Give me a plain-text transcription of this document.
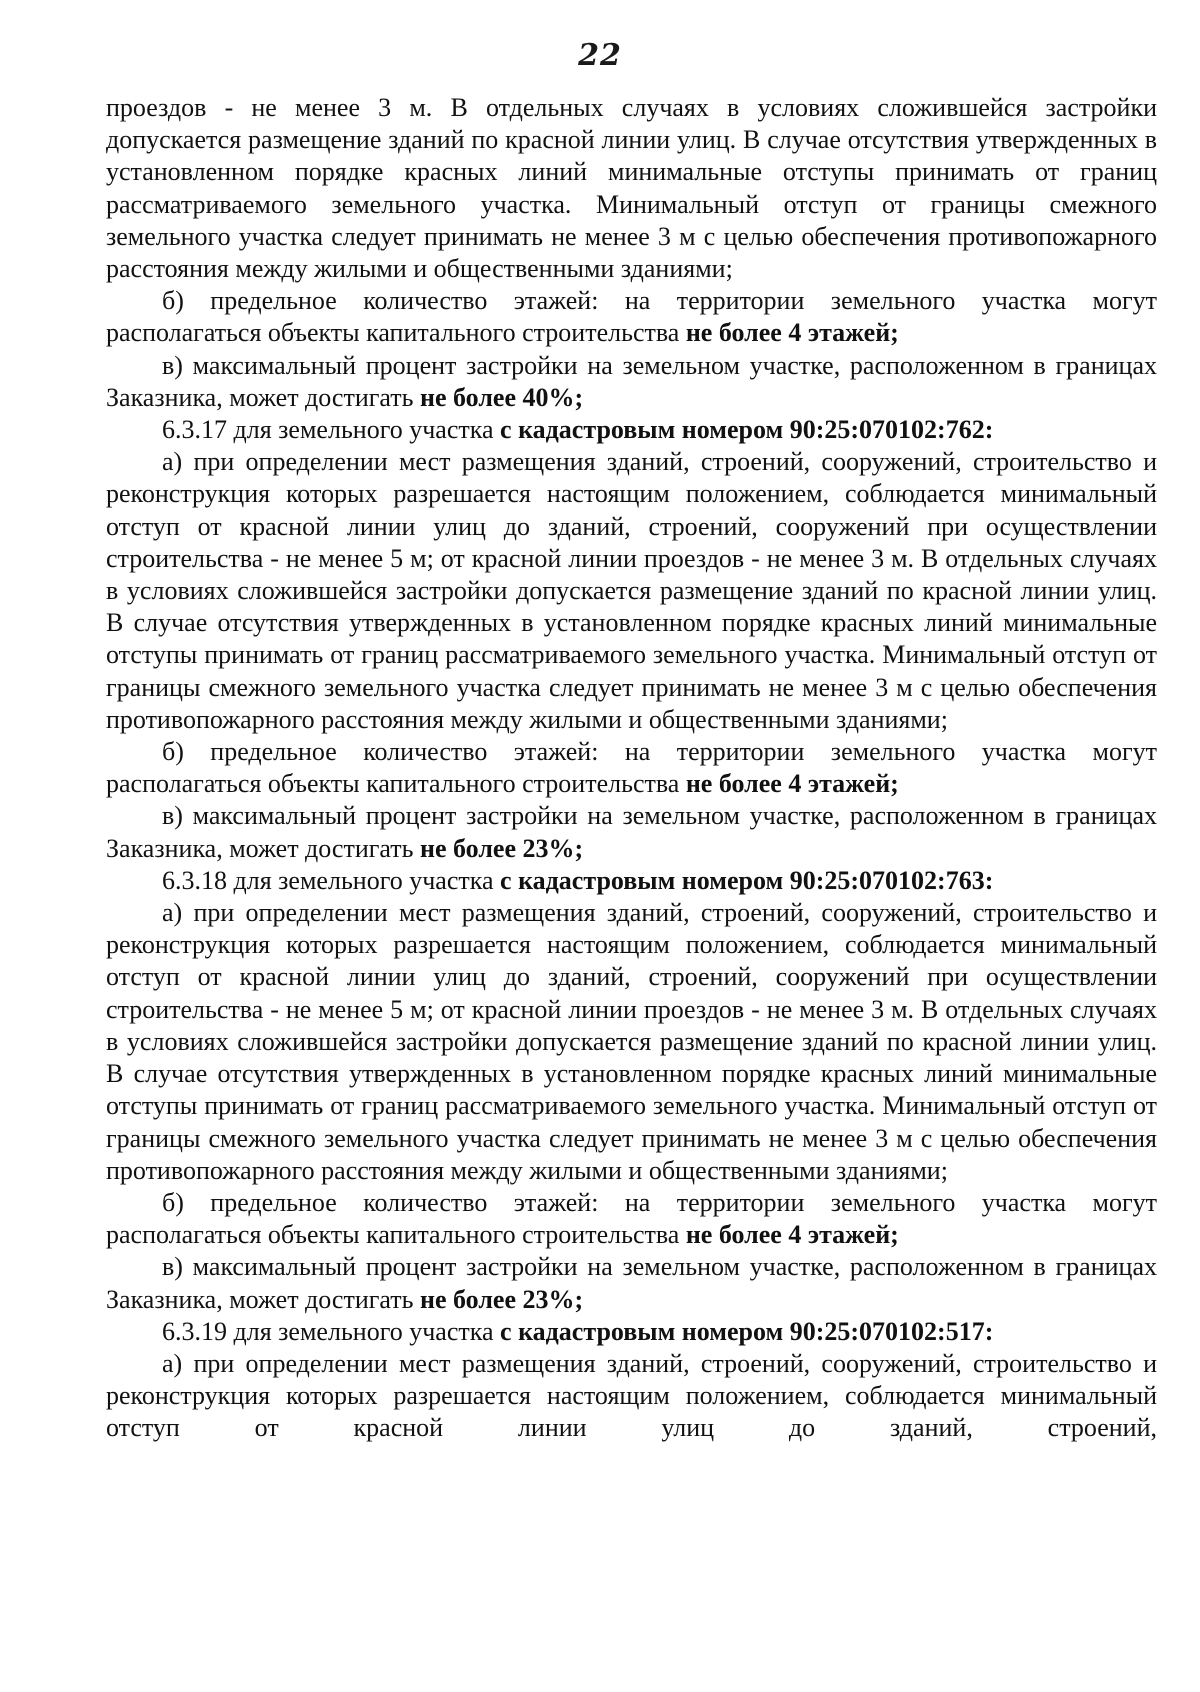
22

проездов - не менее 3 м. В отдельных случаях в условиях сложившейся застройки допускается размещение зданий по красной линии улиц. В случае отсутствия утвержденных в установленном порядке красных линий минимальные отступы принимать от границ рассматриваемого земельного участка. Минимальный отступ от границы смежного земельного участка следует принимать не менее 3 м с целью обеспечения противопожарного расстояния между жилыми и общественными зданиями;

б) предельное количество этажей: на территории земельного участка могут располагаться объекты капитального строительства не более 4 этажей;

в) максимальный процент застройки на земельном участке, расположенном в границах Заказника, может достигать не более 40%;

6.3.17 для земельного участка с кадастровым номером 90:25:070102:762:

а) при определении мест размещения зданий, строений, сооружений, строительство и реконструкция которых разрешается настоящим положением, соблюдается минимальный отступ от красной линии улиц до зданий, строений, сооружений при осуществлении строительства - не менее 5 м; от красной линии проездов - не менее 3 м. В отдельных случаях в условиях сложившейся застройки допускается размещение зданий по красной линии улиц. В случае отсутствия утвержденных в установленном порядке красных линий минимальные отступы принимать от границ рассматриваемого земельного участка. Минимальный отступ от границы смежного земельного участка следует принимать не менее 3 м с целью обеспечения противопожарного расстояния между жилыми и общественными зданиями;

б) предельное количество этажей: на территории земельного участка могут располагаться объекты капитального строительства не более 4 этажей;

в) максимальный процент застройки на земельном участке, расположенном в границах Заказника, может достигать не более 23%;

6.3.18 для земельного участка с кадастровым номером 90:25:070102:763:

а) при определении мест размещения зданий, строений, сооружений, строительство и реконструкция которых разрешается настоящим положением, соблюдается минимальный отступ от красной линии улиц до зданий, строений, сооружений при осуществлении строительства - не менее 5 м; от красной линии проездов - не менее 3 м. В отдельных случаях в условиях сложившейся застройки допускается размещение зданий по красной линии улиц. В случае отсутствия утвержденных в установленном порядке красных линий минимальные отступы принимать от границ рассматриваемого земельного участка. Минимальный отступ от границы смежного земельного участка следует принимать не менее 3 м с целью обеспечения противопожарного расстояния между жилыми и общественными зданиями;

б) предельное количество этажей: на территории земельного участка могут располагаться объекты капитального строительства не более 4 этажей;

в) максимальный процент застройки на земельном участке, расположенном в границах Заказника, может достигать не более 23%;

6.3.19 для земельного участка с кадастровым номером 90:25:070102:517:

а) при определении мест размещения зданий, строений, сооружений, строительство и реконструкция которых разрешается настоящим положением, соблюдается минимальный отступ от красной линии улиц до зданий, строений,
